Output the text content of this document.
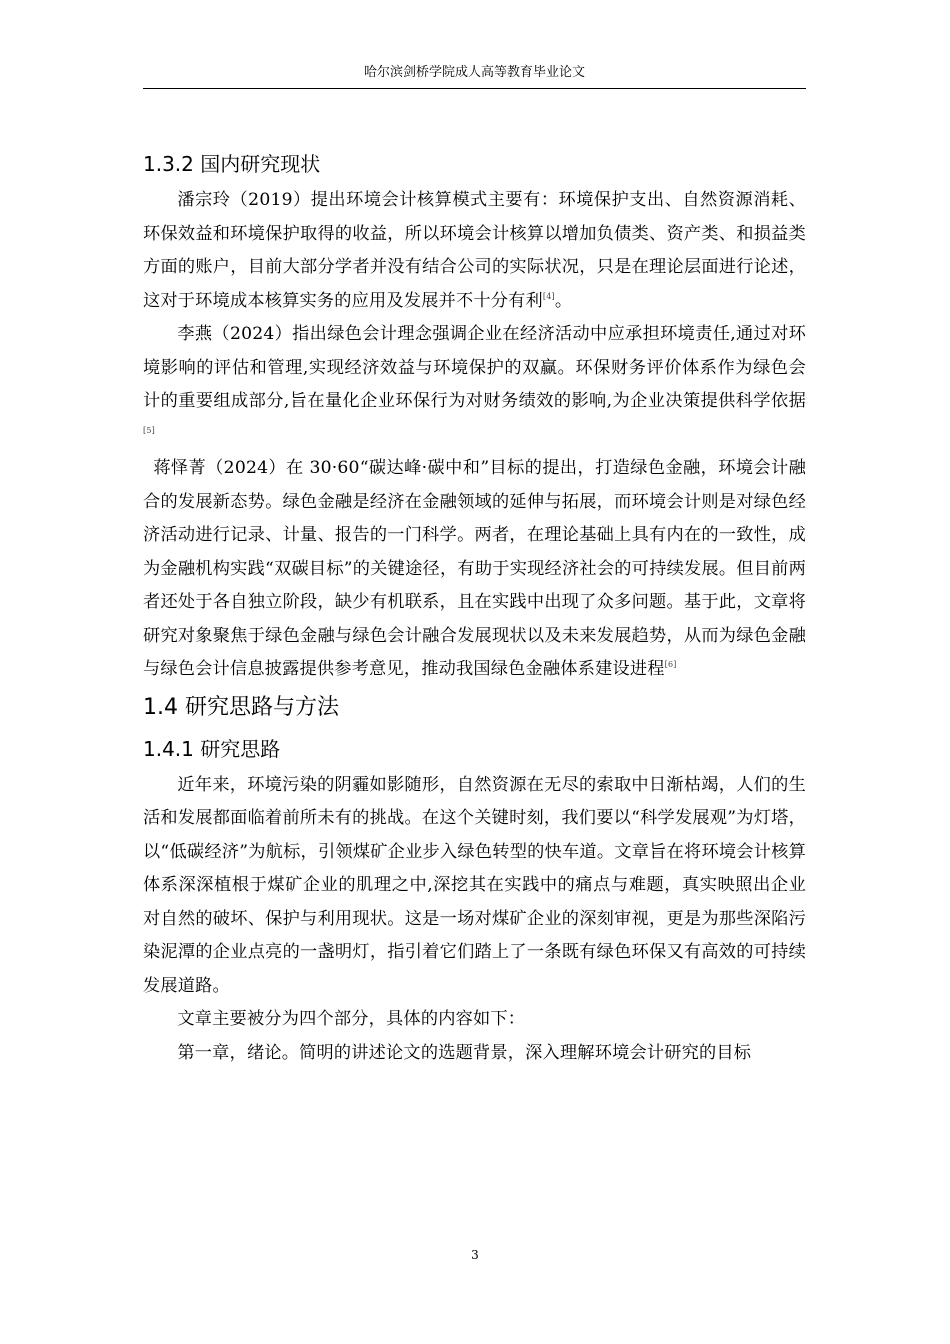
哈尔滨剑桥学院成人高等教育毕业论文
1.3.2 国内研究现状

潘宗玲（2019）提出环境会计核算模式主要有：环境保护支出、自然资源消耗、环保效益和环境保护取得的收益，所以环境会计核算以增加负债类、资产类、和损益类方面的账户，目前大部分学者并没有结合公司的实际状况，只是在理论层面进行论述，这对于环境成本核算实务的应用及发展并不十分有利[4]。

李燕（2024）指出绿色会计理念强调企业在经济活动中应承担环境责任,通过对环境影响的评估和管理,实现经济效益与环境保护的双赢。环保财务评价体系作为绿色会计的重要组成部分,旨在量化企业环保行为对财务绩效的影响,为企业决策提供科学依据[5]

蒋怿菁（2024）在 30·60“碳达峰·碳中和”目标的提出，打造绿色金融，环境会计融合的发展新态势。绿色金融是经济在金融领域的延伸与拓展，而环境会计则是对绿色经济活动进行记录、计量、报告的一门科学。两者，在理论基础上具有内在的一致性，成为金融机构实践“双碳目标”的关键途径，有助于实现经济社会的可持续发展。但目前两者还处于各自独立阶段，缺少有机联系，且在实践中出现了众多问题。基于此，文章将研究对象聚焦于绿色金融与绿色会计融合发展现状以及未来发展趋势，从而为绿色金融与绿色会计信息披露提供参考意见，推动我国绿色金融体系建设进程[6]

1.4 研究思路与方法
1.4.1 研究思路

近年来，环境污染的阴霾如影随形，自然资源在无尽的索取中日渐枯竭，人们的生活和发展都面临着前所未有的挑战。在这个关键时刻，我们要以“科学发展观”为灯塔，以“低碳经济”为航标，引领煤矿企业步入绿色转型的快车道。文章旨在将环境会计核算体系深深植根于煤矿企业的肌理之中,深挖其在实践中的痛点与难题，真实映照出企业对自然的破坏、保护与利用现状。这是一场对煤矿企业的深刻审视，更是为那些深陷污染泥潭的企业点亮的一盏明灯，指引着它们踏上了一条既有绿色环保又有高效的可持续发展道路。

文章主要被分为四个部分，具体的内容如下：

第一章，绪论。简明的讲述论文的选题背景，深入理解环境会计研究的目标

3
